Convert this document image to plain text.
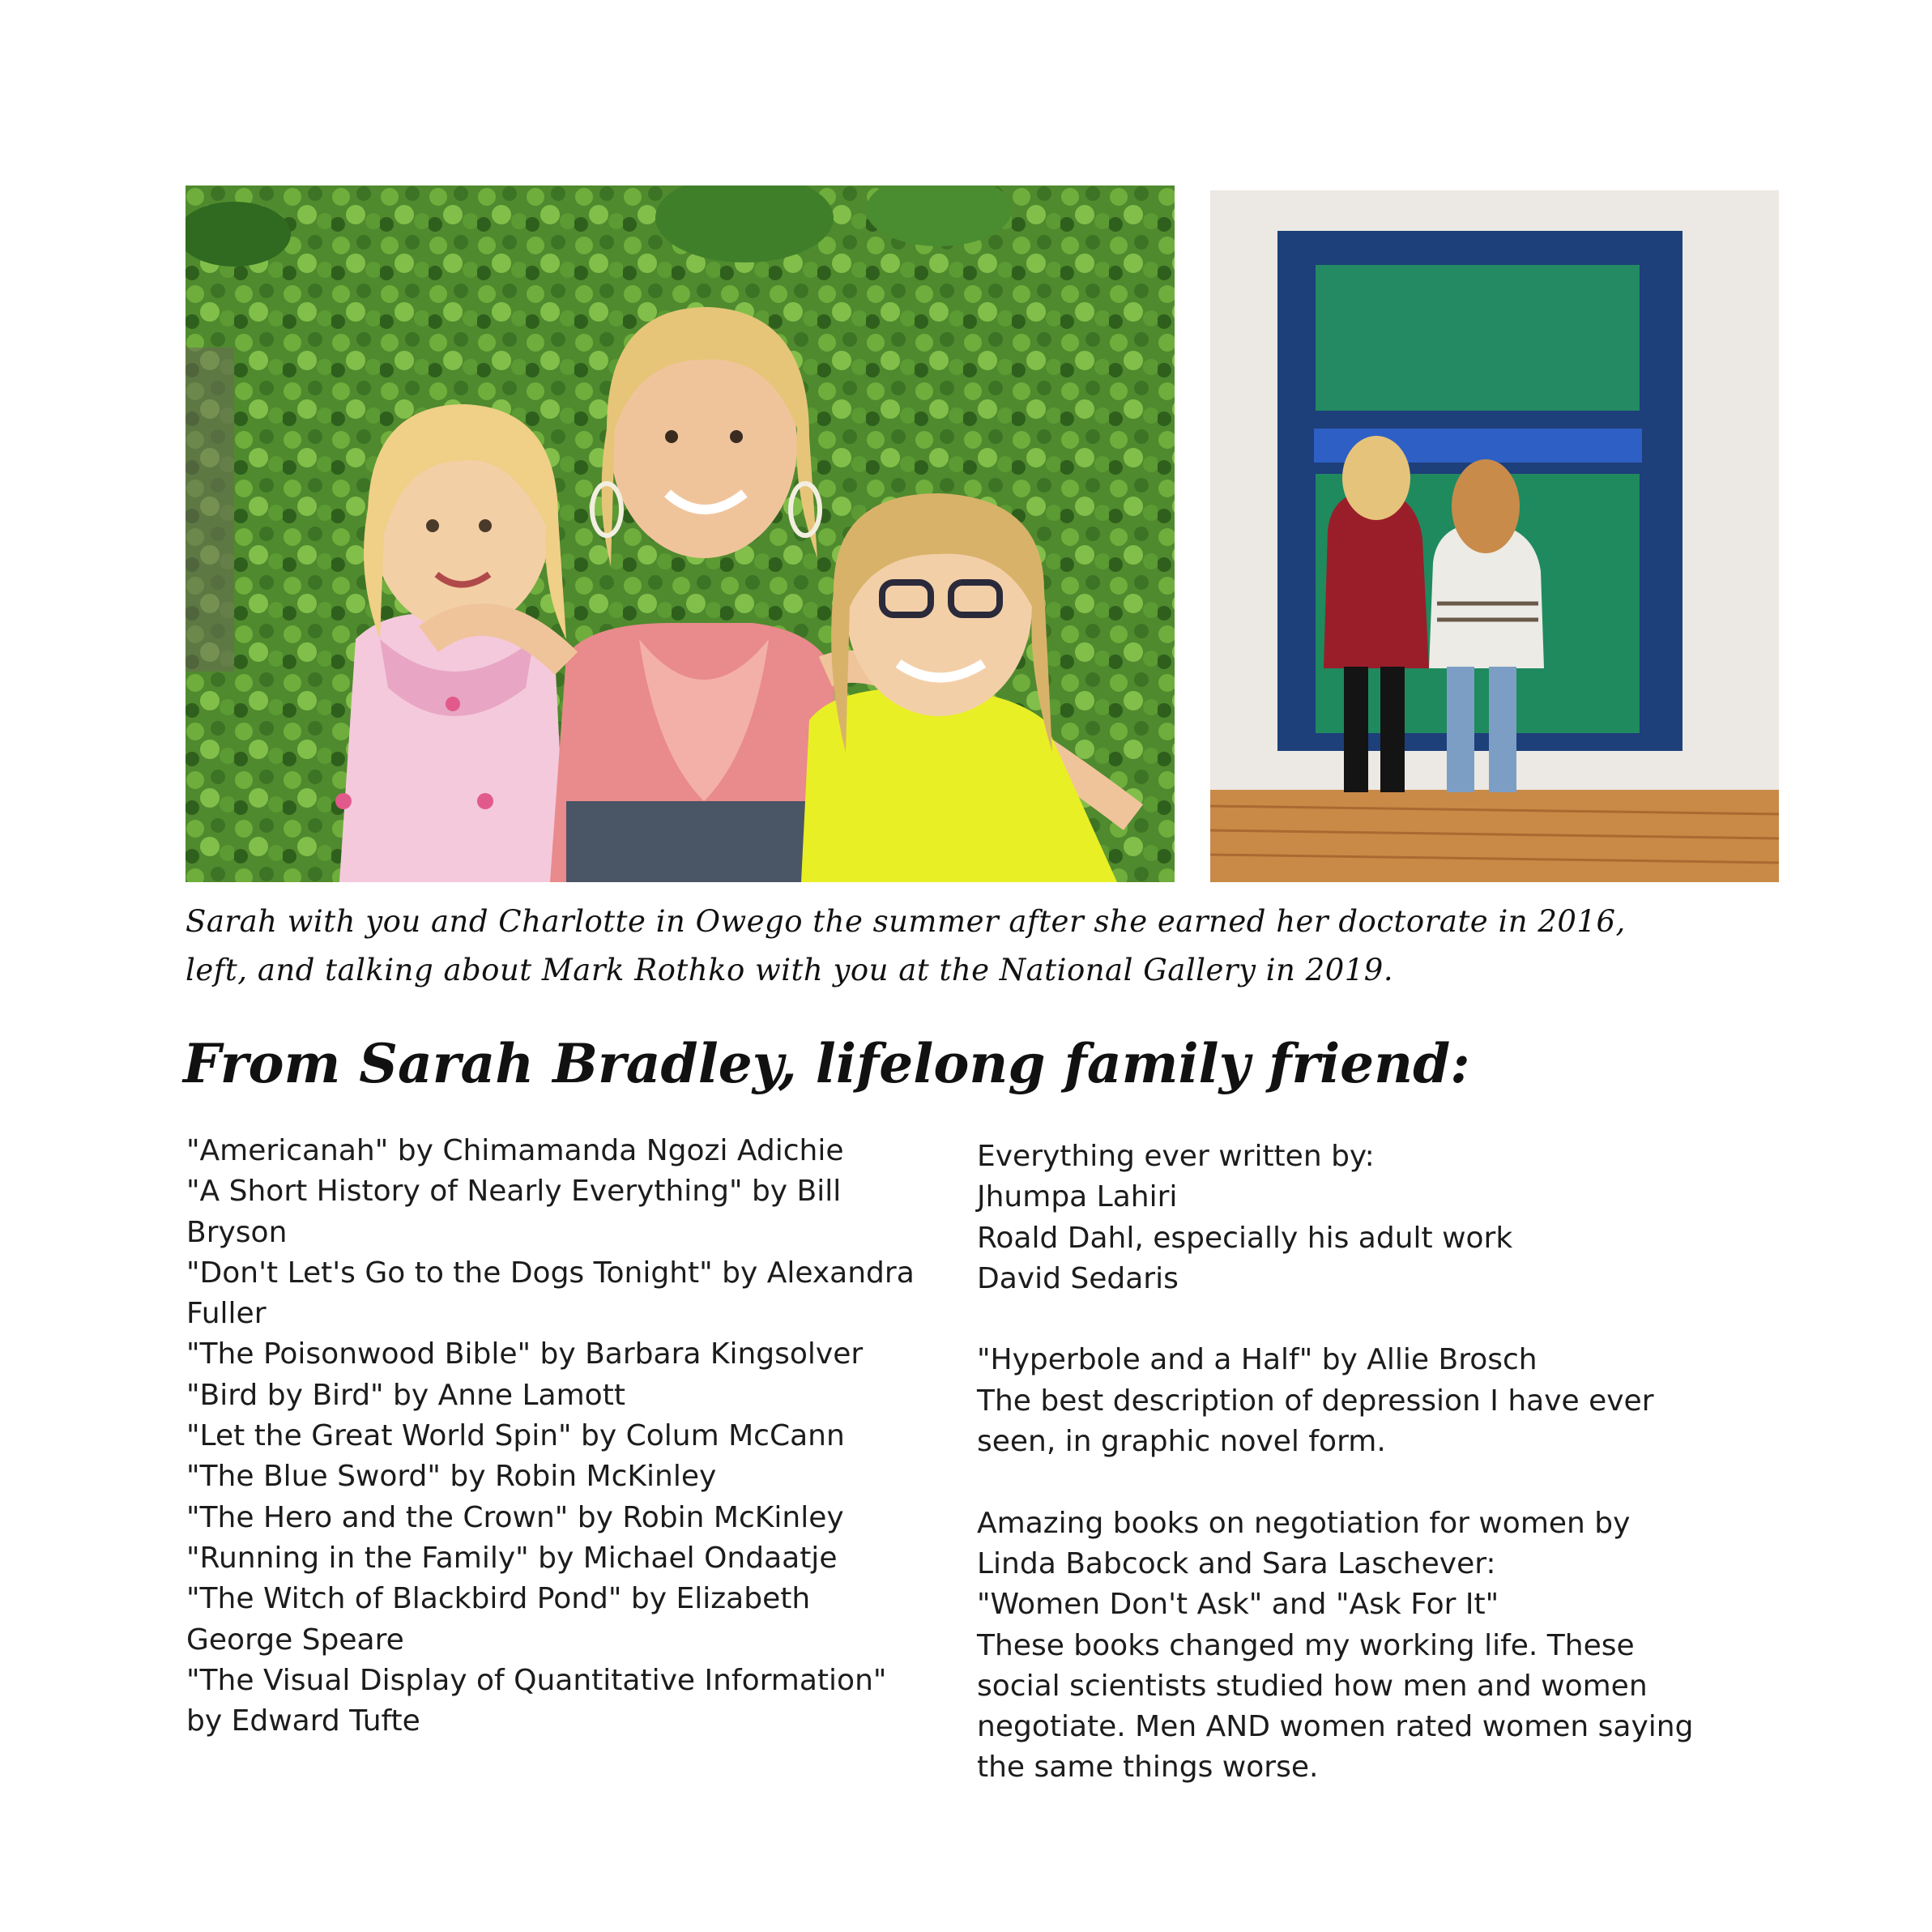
Sarah with you and Charlotte in Owego the summer after she earned her doctorate in 2016,
left, and talking about Mark Rothko with you at the National Gallery in 2019.
From Sarah Bradley, lifelong family friend:
"Americanah" by Chimamanda Ngozi Adichie
"A Short History of Nearly Everything" by Bill
Bryson
"Don't Let's Go to the Dogs Tonight" by Alexandra
Fuller
"The Poisonwood Bible" by Barbara Kingsolver
"Bird by Bird" by Anne Lamott
"Let the Great World Spin" by Colum McCann
"The Blue Sword" by Robin McKinley
"The Hero and the Crown" by Robin McKinley
"Running in the Family" by Michael Ondaatje
"The Witch of Blackbird Pond" by Elizabeth
George Speare
"The Visual Display of Quantitative Information"
by Edward Tufte
Everything ever written by:
Jhumpa Lahiri
Roald Dahl, especially his adult work
David Sedaris
"Hyperbole and a Half" by Allie Brosch
The best description of depression I have ever
seen, in graphic novel form.
Amazing books on negotiation for women by
Linda Babcock and Sara Laschever:
"Women Don't Ask" and "Ask For It"
These books changed my working life. These
social scientists studied how men and women
negotiate. Men AND women rated women saying
the same things worse.
